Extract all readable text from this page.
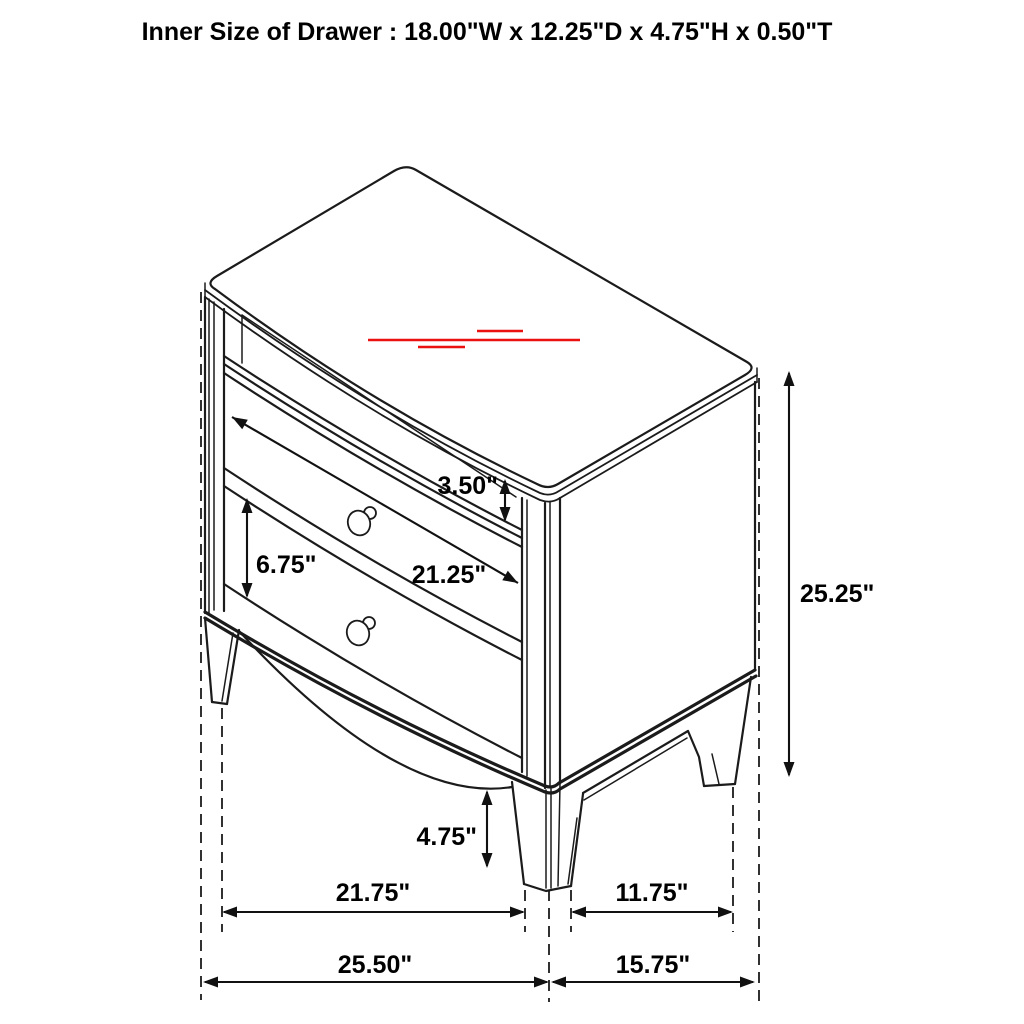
Inner Size of Drawer : 18.00"W x 12.25"D x 4.75"H x 0.50"T
3.50"
6.75"	21.25"
25.25"
4.75"
21.75"	11.75"
25.50"	15.75"
